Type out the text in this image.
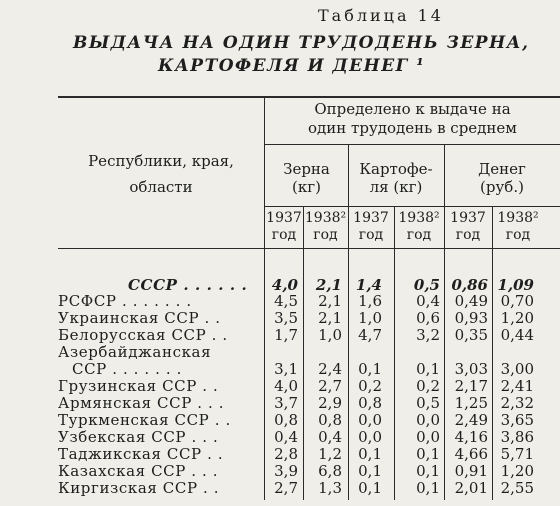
Таблица 14
ВЫДАЧА НА ОДИН ТРУДОДЕНЬ ЗЕРНА,
КАРТОФЕЛЯ И ДЕНЕГ ¹
Республики, края,
области
Определено к выдаче на
один трудодень в среднем
Зерна
(кг)
Картофе-
ля (кг)
Денег
(руб.)
1937
год
1938²
год
1937
год
1938²
год
1937
год
1938²
год
СССР . . . . . . 4,0 2,1 1,4 0,5 0,86 1,09
РСФСР . . . . . . .	4,5 2,1 1,6 0,4 0,49 0,70
Украинская ССР . .	3,5 2,1 1,0 0,6 0,93 1,20
Белорусская ССР . .	1,7 1,0 4,7 3,2 0,35 0,44
Азербайджанская
ССР . . . . . . .	3,1 2,4 0,1 0,1 3,03 3,00
Грузинская ССР . .	4,0 2,7 0,2 0,2 2,17 2,41
Армянская ССР . . .	3,7 2,9 0,8 0,5 1,25 2,32
Туркменская ССР . .	0,8 0,8 0,0 0,0 2,49 3,65
Узбекская ССР . . .	0,4 0,4 0,0 0,0 4,16 3,86
Таджикская ССР . .	2,8 1,2 0,1 0,1 4,66 5,71
Казахская ССР . . .	3,9 6,8 0,1 0,1 0,91 1,20
Киргизская ССР . .	2,7 1,3 0,1 0,1 2,01 2,55
